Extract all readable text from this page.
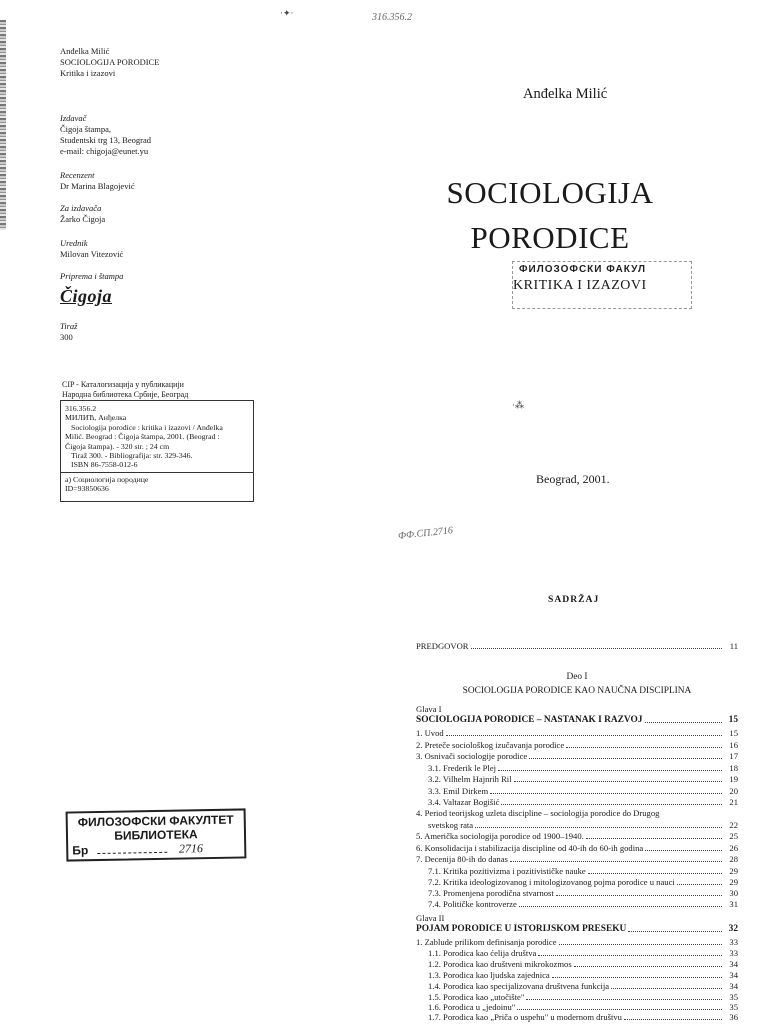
·✦·	316.356.2
Anđelka Milić
SOCIOLOGIJA PORODICE
Kritika i izazovi
Izdavač
Čigoja štampa,
Studentski trg 13, Beograd
e-mail: chigoja@eunet.yu
Recenzent
Dr Marina Blagojević
Za izdavača
Žarko Čigoja
Urednik
Milovan Vitezović
Priprema i štampa
Čigoja
Tiraž
300
CIP - Каталогизација у публикацији
Народна библиотека Србије, Београд
316.356.2
МИЛИЋ, Анђелка
Sociologija porodice : kritika i izazovi / Anđelka
Milić. Beograd : Čigoja štampa, 2001. (Beograd :
Čigoja štampa). - 320 str. ; 24 cm
Tiraž 300. - Bibliografija: str. 329-346.
ISBN 86-7558-012-6
а) Социологија породице
ID=93850636
ФИЛОЗОФСКИ ФАКУЛТЕТ
БИБЛИОТЕКА
Бр	2716
Anđelka Milić
SOCIOLOGIJA
PORODICE
ФИЛОЗОФСКИ ФАКУЛ
KRITIKA I IZAZOVI
·⁂
Beograd, 2001.
ФФ.СП.2716
SADRŽAJ
PREDGOVOR	11
Deo I
SOCIOLOGIJA PORODICE KAO NAUČNA DISCIPLINA
Glava I
SOCIOLOGIJA PORODICE – NASTANAK I RAZVOJ	15
1. Uvod	15
2. Preteče sociološkog izučavanja porodice	16
3. Osnivači sociologije porodice	17
3.1. Frederik le Plej	18
3.2. Vilhelm Hajnrih Ril	19
3.3. Emil Dirkem	20
3.4. Valtazar Bogišić	21
4. Period teorijskog uzleta discipline – sociologija porodice do Drugog
svetskog rata	22
5. Američka sociologija porodice od 1900–1940.	25
6. Konsolidacija i stabilizacija discipline od 40-ih do 60-ih godina	26
7. Decenija 80-ih do danas	28
7.1. Kritika pozitivizma i pozitivističke nauke	29
7.2. Kritika ideologizovanog i mitologizovanog pojma porodice u nauci	29
7.3. Promenjena porodična stvarnost	30
7.4. Političke kontroverze	31
Glava II
POJAM PORODICE U ISTORIJSKOM PRESEKU	32
1. Zablude prilikom definisanja porodice	33
1.1. Porodica kao ćelija društva	33
1.2. Porodica kao društveni mikrokozmos	34
1.3. Porodica kao ljudska zajednica	34
1.4. Porodica kao specijalizovana društvena funkcija	34
1.5. Porodica kao „utočište"	35
1.6. Porodica u „jedoinu"	35
1.7. Porodica kao „Priča o uspehu" u modernom društvu	36
